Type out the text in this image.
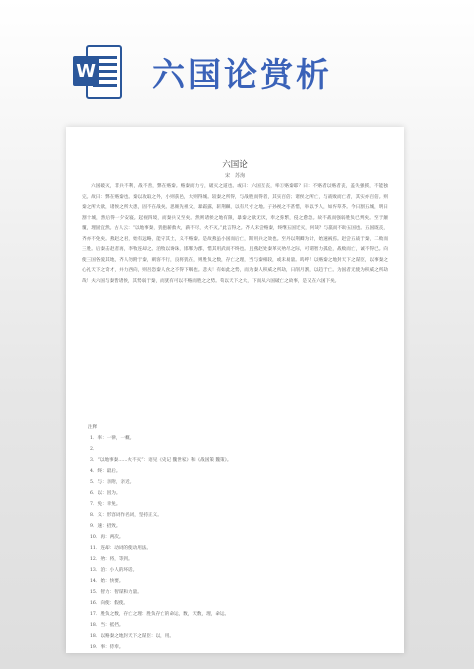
W 六国论赏析
六国论
宋　苏洵

六国破灭，非兵不利，战不善，弊在赂秦。赂秦而力亏，破灭之道也。或曰：六国互丧，率①赂秦耶？曰：不赂者以赂者丧，盖失强援，不能独完。故曰：弊在赂秦也。秦以攻取之外，小则获邑，大则得城。较秦之所得，与战胜而得者，其实百倍；诸侯之所亡，与战败而亡者，其实亦百倍。则秦之所大欲，诸侯之所大患，固不在战矣。思厥先祖父，暴霜露，斩荆棘，以有尺寸之地。子孙视之不甚惜，举以予人，如弃草芥。今日割五城，明日割十城，然后得一夕安寝。起视四境，而秦兵又至矣。然则诸侯之地有限，暴秦之欲无厌，奉之弥繁，侵之愈急。故不战而强弱胜负已判矣。至于颠覆，理固宜然。古人云：“以地事秦，犹抱薪救火，薪不尽，火不灭。”此言得之。齐人未尝赂秦，终继五国迁灭，何哉？与嬴而不助五国也。五国既丧，齐亦不免矣。燕赵之君，始有远略，能守其土，义不赂秦。是故燕虽小国而后亡，斯用兵之效也。至丹以荆卿为计，始速祸焉。赵尝五战于秦，二败而三胜。后秦击赵者再，李牧连却之。洎牧以谗诛，邯郸为郡，惜其用武而不终也。且燕赵处秦革灭殆尽之际，可谓智力孤危，战败而亡，诚不得已。向使三国各爱其地，齐人勿附于秦，刺客不行，良将犹在，则胜负之数，存亡之理，当与秦相较，或未易量。呜呼！以赂秦之地封天下之谋臣，以事秦之心礼天下之奇才，并力西向，则吾恐秦人食之不得下咽也。悲夫！有如此之势，而为秦人积威之所劫，日削月割，以趋于亡。为国者无使为积威之所劫哉！夫六国与秦皆诸侯，其势弱于秦，而犹有可以不赂而胜之之势。苟以天下之大，下而从六国破亡之故事，是又在六国下矣。

注释
1．率：一律，一概。
2．
3．“以地事秦……火不灭”：语见《史记 魏世家》和《战国策 魏策》。
4．终：最后。
5．与：亲附，亲近。
6．以：因为。
7．免：幸免。
8．义：形容词作名词，坚持正义。
9．速：招致。
10．再：两次。
11．连却：动词的使动用法。
12．殆：将，等到。
13．洎：小人的坏话。
14．始：快要。
15．智力：智谋和力量。
16．向使：假使。
17．胜负之数，存亡之理：胜负存亡的命运，数，天数，理，命运。
18．当：抵挡。
18．以赂秦之地封天下之谋臣：以，用。
19．事：侍奉。
